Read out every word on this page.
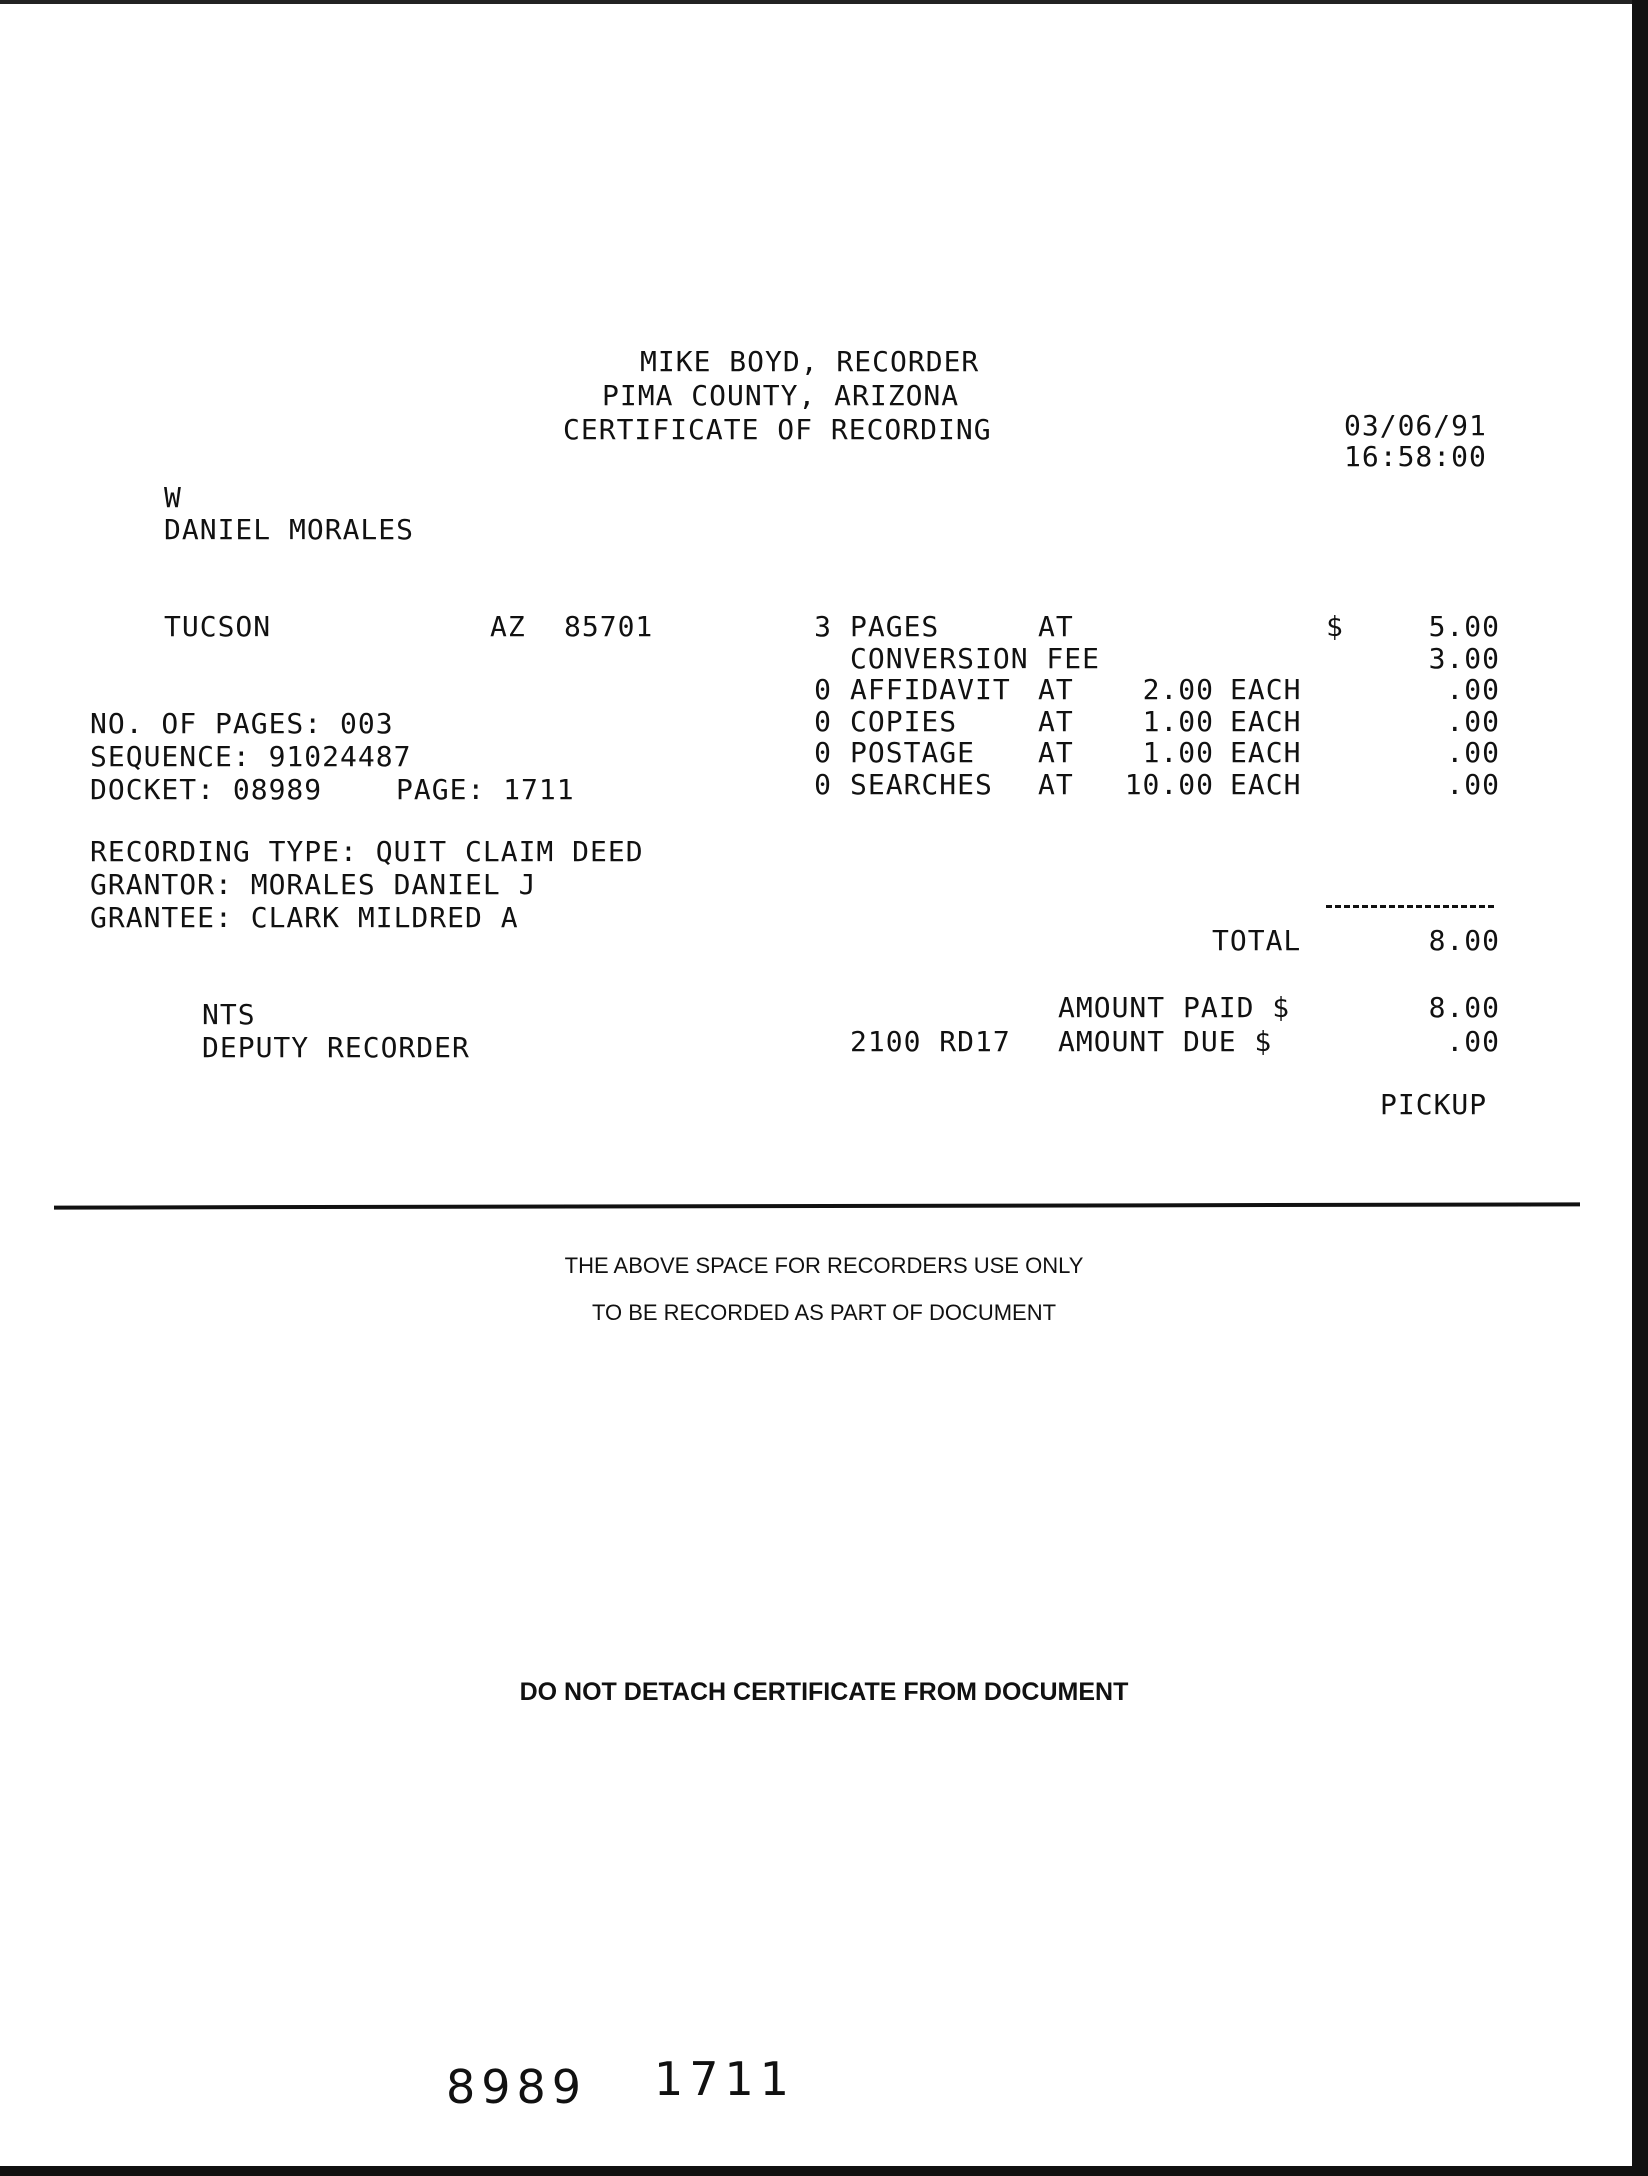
MIKE BOYD, RECORDER
PIMA COUNTY, ARIZONA
CERTIFICATE OF RECORDING	03/06/91
16:58:00
W
DANIEL MORALES
TUCSON	AZ 85701	3 PAGES	AT	$	5.00
CONVERSION FEE	3.00
0 AFFIDAVIT AT	2.00 EACH	.00
0 COPIES	AT	1.00 EACH	.00
0 POSTAGE AT	1.00 EACH	.00
0 SEARCHES AT	10.00 EACH	.00
NO. OF PAGES: 003
SEQUENCE: 91024487
DOCKET: 08989	PAGE: 1711
RECORDING TYPE: QUIT CLAIM DEED
GRANTOR: MORALES DANIEL J
GRANTEE: CLARK MILDRED A
TOTAL	8.00
NTS
DEPUTY RECORDER
AMOUNT PAID $	8.00
2100 RD17 AMOUNT DUE $	.00
PICKUP
THE ABOVE SPACE FOR RECORDERS USE ONLY
TO BE RECORDED AS PART OF DOCUMENT
DO NOT DETACH CERTIFICATE FROM DOCUMENT
8989 1711
